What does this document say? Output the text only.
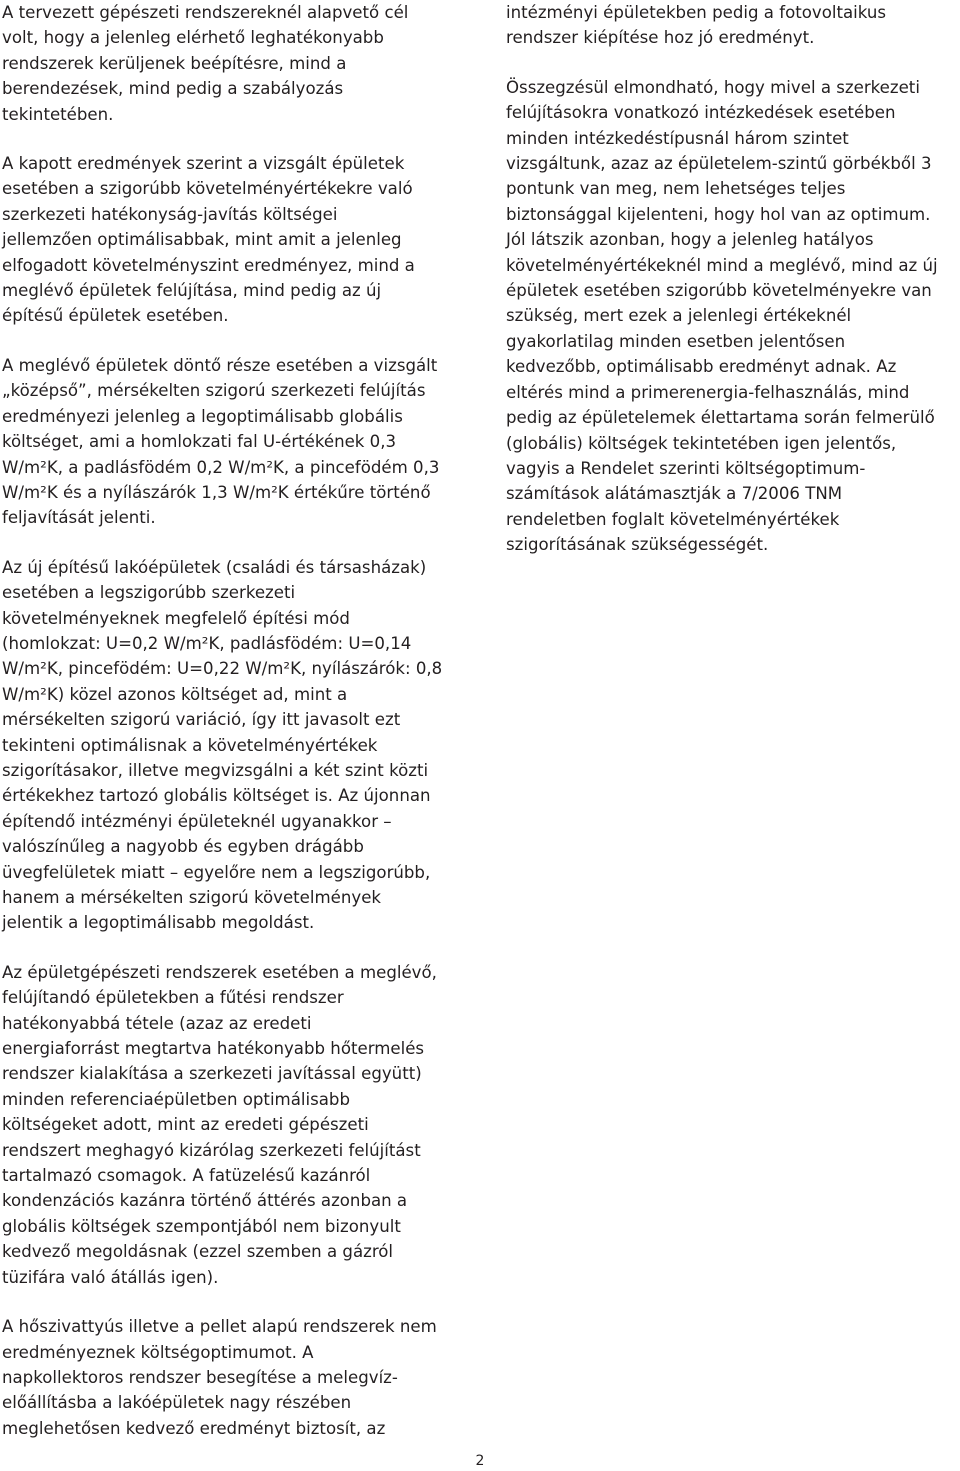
A tervezett gépészeti rendszereknél alapvető cél
volt, hogy a jelenleg elérhető leghatékonyabb
rendszerek kerüljenek beépítésre, mind a
berendezések, mind pedig a szabályozás
tekintetében.

A kapott eredmények szerint a vizsgált épületek
esetében a szigorúbb követelményértékekre való
szerkezeti hatékonyság-javítás költségei
jellemzően optimálisabbak, mint amit a jelenleg
elfogadott követelményszint eredményez, mind a
meglévő épületek felújítása, mind pedig az új
építésű épületek esetében.

A meglévő épületek döntő része esetében a vizsgált
„középső”, mérsékelten szigorú szerkezeti felújítás
eredményezi jelenleg a legoptimálisabb globális
költséget, ami a homlokzati fal U-értékének 0,3
W/m²K, a padlásfödém 0,2 W/m²K, a pincefödém 0,3
W/m²K és a nyílászárók 1,3 W/m²K értékűre történő
feljavítását jelenti.

Az új építésű lakóépületek (családi és társasházak)
esetében a legszigorúbb szerkezeti
követelményeknek megfelelő építési mód
(homlokzat: U=0,2 W/m²K, padlásfödém: U=0,14
W/m²K, pincefödém: U=0,22 W/m²K, nyílászárók: 0,8
W/m²K) közel azonos költséget ad, mint a
mérsékelten szigorú variáció, így itt javasolt ezt
tekinteni optimálisnak a követelményértékek
szigorításakor, illetve megvizsgálni a két szint közti
értékekhez tartozó globális költséget is. Az újonnan
építendő intézményi épületeknél ugyanakkor –
valószínűleg a nagyobb és egyben drágább
üvegfelületek miatt – egyelőre nem a legszigorúbb,
hanem a mérsékelten szigorú követelmények
jelentik a legoptimálisabb megoldást.

Az épületgépészeti rendszerek esetében a meglévő,
felújítandó épületekben a fűtési rendszer
hatékonyabbá tétele (azaz az eredeti
energiaforrást megtartva hatékonyabb hőtermelés
rendszer kialakítása a szerkezeti javítással együtt)
minden referenciaépületben optimálisabb
költségeket adott, mint az eredeti gépészeti
rendszert meghagyó kizárólag szerkezeti felújítást
tartalmazó csomagok. A fatüzelésű kazánról
kondenzációs kazánra történő áttérés azonban a
globális költségek szempontjából nem bizonyult
kedvező megoldásnak (ezzel szemben a gázról
tüzifára való átállás igen).

A hőszivattyús illetve a pellet alapú rendszerek nem
eredményeznek költségoptimumot. A
napkollektoros rendszer besegítése a melegvíz-
előállításba a lakóépületek nagy részében
meglehetősen kedvező eredményt biztosít, az

intézményi épületekben pedig a fotovoltaikus
rendszer kiépítése hoz jó eredményt.

Összegzésül elmondható, hogy mivel a szerkezeti
felújításokra vonatkozó intézkedések esetében
minden intézkedéstípusnál három szintet
vizsgáltunk, azaz az épületelem-szintű görbékből 3
pontunk van meg, nem lehetséges teljes
biztonsággal kijelenteni, hogy hol van az optimum.
Jól látszik azonban, hogy a jelenleg hatályos
követelményértékeknél mind a meglévő, mind az új
épületek esetében szigorúbb követelményekre van
szükség, mert ezek a jelenlegi értékeknél
gyakorlatilag minden esetben jelentősen
kedvezőbb, optimálisabb eredményt adnak. Az
eltérés mind a primerenergia-felhasználás, mind
pedig az épületelemek élettartama során felmerülő
(globális) költségek tekintetében igen jelentős,
vagyis a Rendelet szerinti költségoptimum-
számítások alátámasztják a 7/2006 TNM
rendeletben foglalt követelményértékek
szigorításának szükségességét.

2
